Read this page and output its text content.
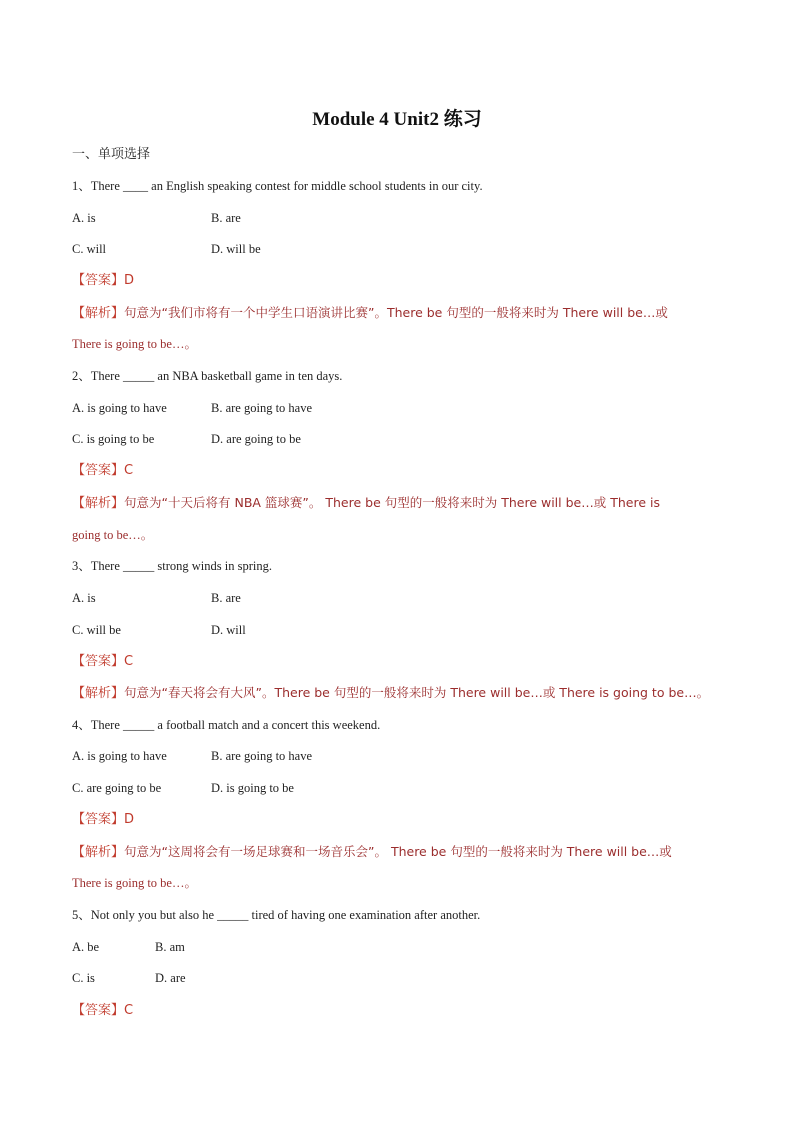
Module 4 Unit2 练习
一、单项选择
1、There ____ an English speaking contest for middle school students in our city.
A. is	B. are
C. will	D. will be
【答案】D
【解析】句意为“我们市将有一个中学生口语演讲比赛”。There be 句型的一般将来时为 There will be…或
There is going to be…。
2、There _____ an NBA basketball game in ten days.
A. is going to have	B. are going to have
C. is going to be	D. are going to be
【答案】C
【解析】句意为“十天后将有 NBA 篮球赛”。 There be 句型的一般将来时为 There will be…或 There is
going to be…。
3、There _____ strong winds in spring.
A. is	B. are
C. will be	D. will
【答案】C
【解析】句意为“春天将会有大风”。There be 句型的一般将来时为 There will be…或 There is going to be…。
4、There _____ a football match and a concert this weekend.
A. is going to have	B. are going to have
C. are going to be	D. is going to be
【答案】D
【解析】句意为“这周将会有一场足球赛和一场音乐会”。 There be 句型的一般将来时为 There will be…或
There is going to be…。
5、Not only you but also he _____ tired of having one examination after another.
A. be	B. am
C. is	D. are
【答案】C
